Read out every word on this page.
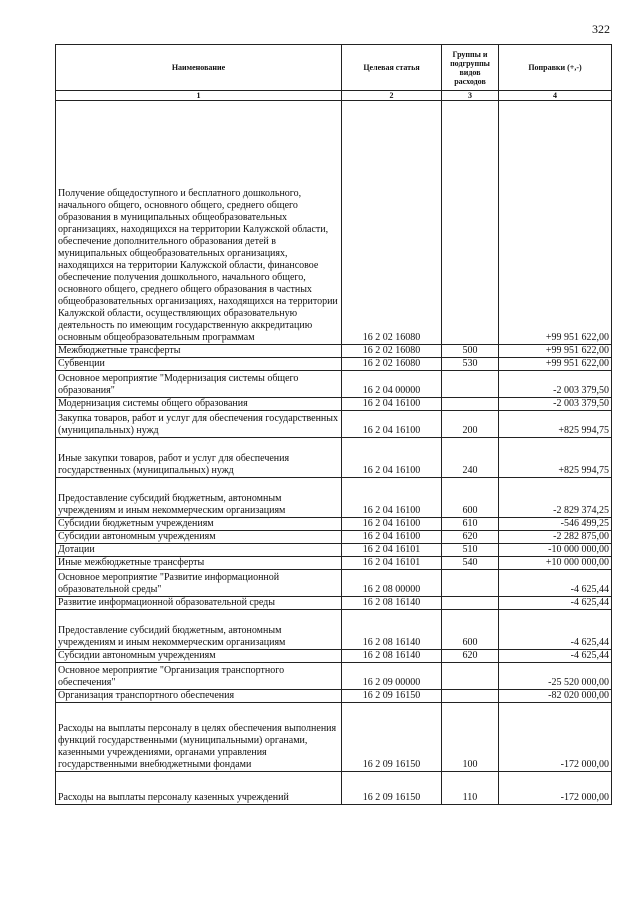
322
Наименование	Целевая статья	Группы и подгруппы видов расходов	Поправки (+,-)
1	2	3	4
Получение общедоступного и бесплатного дошкольного, начального общего, основного общего, среднего общего образования в муниципальных общеобразовательных организациях, находящихся на территории Калужской области, обеспечение дополнительного образования детей в муниципальных общеобразовательных организациях, находящихся на территории Калужской области, финансовое обеспечение получения дошкольного, начального общего, основного общего, среднего общего образования в частных общеобразовательных организациях, находящихся на территории Калужской области, осуществляющих образовательную деятельность по имеющим государственную аккредитацию основным общеобразовательным программам	16 2 02 16080		+99 951 622,00
Межбюджетные трансферты	16 2 02 16080	500	+99 951 622,00
Субвенции	16 2 02 16080	530	+99 951 622,00
Основное мероприятие "Модернизация системы общего образования"	16 2 04 00000		-2 003 379,50
Модернизация системы общего образования	16 2 04 16100		-2 003 379,50
Закупка товаров, работ и услуг для обеспечения государственных (муниципальных) нужд	16 2 04 16100	200	+825 994,75
Иные закупки товаров, работ и услуг для обеспечения государственных (муниципальных) нужд	16 2 04 16100	240	+825 994,75
Предоставление субсидий бюджетным, автономным учреждениям и иным некоммерческим организациям	16 2 04 16100	600	-2 829 374,25
Субсидии бюджетным учреждениям	16 2 04 16100	610	-546 499,25
Субсидии автономным учреждениям	16 2 04 16100	620	-2 282 875,00
Дотации	16 2 04 16101	510	-10 000 000,00
Иные межбюджетные трансферты	16 2 04 16101	540	+10 000 000,00
Основное мероприятие "Развитие информационной образовательной среды"	16 2 08 00000		-4 625,44
Развитие информационной образовательной среды	16 2 08 16140		-4 625,44
Предоставление субсидий бюджетным, автономным учреждениям и иным некоммерческим организациям	16 2 08 16140	600	-4 625,44
Субсидии автономным учреждениям	16 2 08 16140	620	-4 625,44
Основное мероприятие "Организация транспортного обеспечения"	16 2 09 00000		-25 520 000,00
Организация транспортного обеспечения	16 2 09 16150		-82 020 000,00
Расходы на выплаты персоналу в целях обеспечения выполнения функций государственными (муниципальными) органами, казенными учреждениями, органами управления государственными внебюджетными фондами	16 2 09 16150	100	-172 000,00
Расходы на выплаты персоналу казенных учреждений	16 2 09 16150	110	-172 000,00
